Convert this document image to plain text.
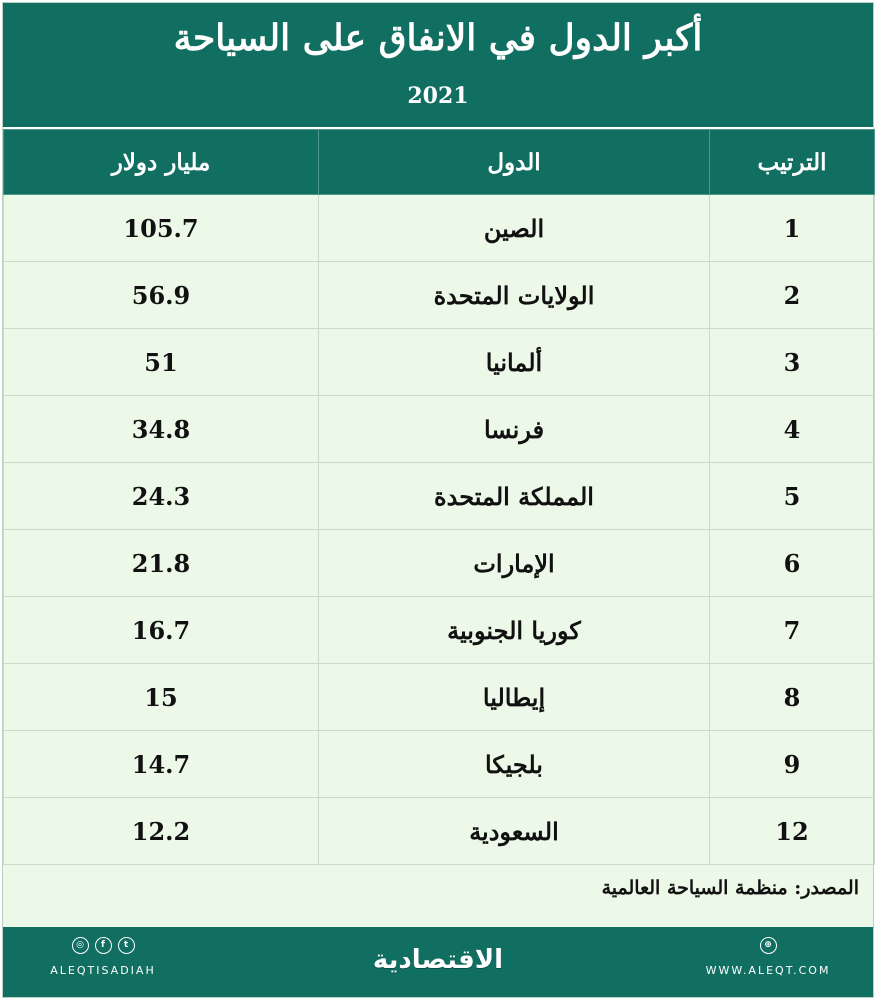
أكبر الدول في الانفاق على السياحة
2021
مليار دولار	الدول	الترتيب
105.7	الصين	1
56.9	الولايات المتحدة	2
51	ألمانيا	3
34.8	فرنسا	4
24.3	المملكة المتحدة	5
21.8	الإمارات	6
16.7	كوريا الجنوبية	7
15	إيطاليا	8
14.7	بلجيكا	9
12.2	السعودية	12
المصدر: منظمة السياحة العالمية
◎	f	t
ALEQTISADIAH	الاقتصادية	⊕
WWW.ALEQT.COM
